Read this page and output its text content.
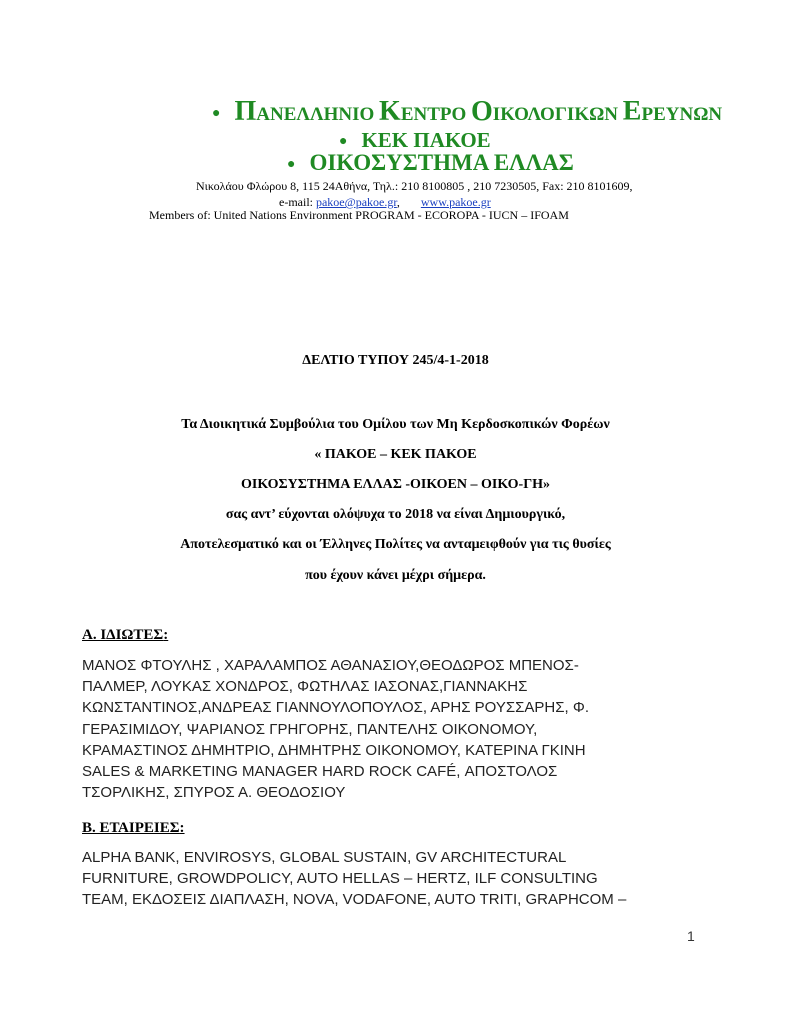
● ΠΑΝΕΛΛΗΝΙΟ ΚΕΝΤΡΟ ΟΙΚΟΛΟΓΙΚΩΝ ΕΡΕΥΝΩΝ
● ΚΕΚ ΠΑΚΟΕ
● ΟΙΚΟΣΥΣΤΗΜΑ ΕΛΛΑΣ
Νικολάου Φλώρου 8, 115 24Αθήνα, Τηλ.: 210 8100805 , 210 7230505, Fax: 210 8101609,
e-mail: pakoe@pakoe.gr, www.pakoe.gr
Members of: United Nations Environment PROGRAM - ECOROPA - IUCN – IFOAM
ΔΕΛΤΙΟ ΤΥΠΟΥ 245/4-1-2018
Τα Διοικητικά Συμβούλια του Ομίλου των Μη Κερδοσκοπικών Φορέων
« ΠΑΚΟΕ – ΚΕΚ ΠΑΚΟΕ
ΟΙΚΟΣΥΣΤΗΜΑ ΕΛΛΑΣ -ΟΙΚΟΕΝ – ΟΙΚΟ-ΓΗ»
σας αντ’ εύχονται ολόψυχα το 2018 να είναι Δημιουργικό,
Αποτελεσματικό και οι Έλληνες Πολίτες να ανταμειφθούν για τις θυσίες
που έχουν κάνει μέχρι σήμερα.
Α. ΙΔΙΩΤΕΣ:
ΜΑΝΟΣ ΦΤΟΥΛΗΣ , ΧΑΡΑΛΑΜΠΟΣ ΑΘΑΝΑΣΙΟΥ,ΘΕΟΔΩΡΟΣ ΜΠΕΝΟΣ-
ΠΑΛΜΕΡ, ΛΟΥΚΑΣ ΧΟΝΔΡΟΣ, ΦΩΤΗΛΑΣ ΙΑΣΟΝΑΣ,ΓΙΑΝΝΑΚΗΣ
ΚΩΝΣΤΑΝΤΙΝΟΣ,ΑΝΔΡΕΑΣ ΓΙΑΝΝΟΥΛΟΠΟΥΛΟΣ, ΑΡΗΣ ΡΟΥΣΣΑΡΗΣ, Φ.
ΓΕΡΑΣΙΜΙΔΟΥ, ΨΑΡΙΑΝΟΣ ΓΡΗΓΟΡΗΣ, ΠΑΝΤΕΛΗΣ ΟΙΚΟΝΟΜΟΥ,
ΚΡΑΜΑΣΤΙΝΟΣ ΔΗΜΗΤΡΙΟ, ΔΗΜΗΤΡΗΣ ΟΙΚΟΝΟΜΟΥ, ΚΑΤΕΡΙΝΑ ΓΚΙΝΗ
SALES & MARKETING MANAGER HARD ROCK CAFÉ, ΑΠΟΣΤΟΛΟΣ
ΤΣΟΡΛΙΚΗΣ, ΣΠΥΡΟΣ Α. ΘΕΟΔΟΣΙΟΥ
Β. ΕΤΑΙΡΕΙΕΣ:
ALPHA BANK, ENVIROSYS, GLOBAL SUSTAIN, GV ARCHITECTURAL
FURNITURE, GROWDPOLICY, AUTO HELLAS – HERTZ, ILF CONSULTING
TEAM, ΕΚΔΟΣΕΙΣ ΔΙΑΠΛΑΣΗ, NOVA, VODAFONE, AUTO TRITI, GRAPHCOM –
1
